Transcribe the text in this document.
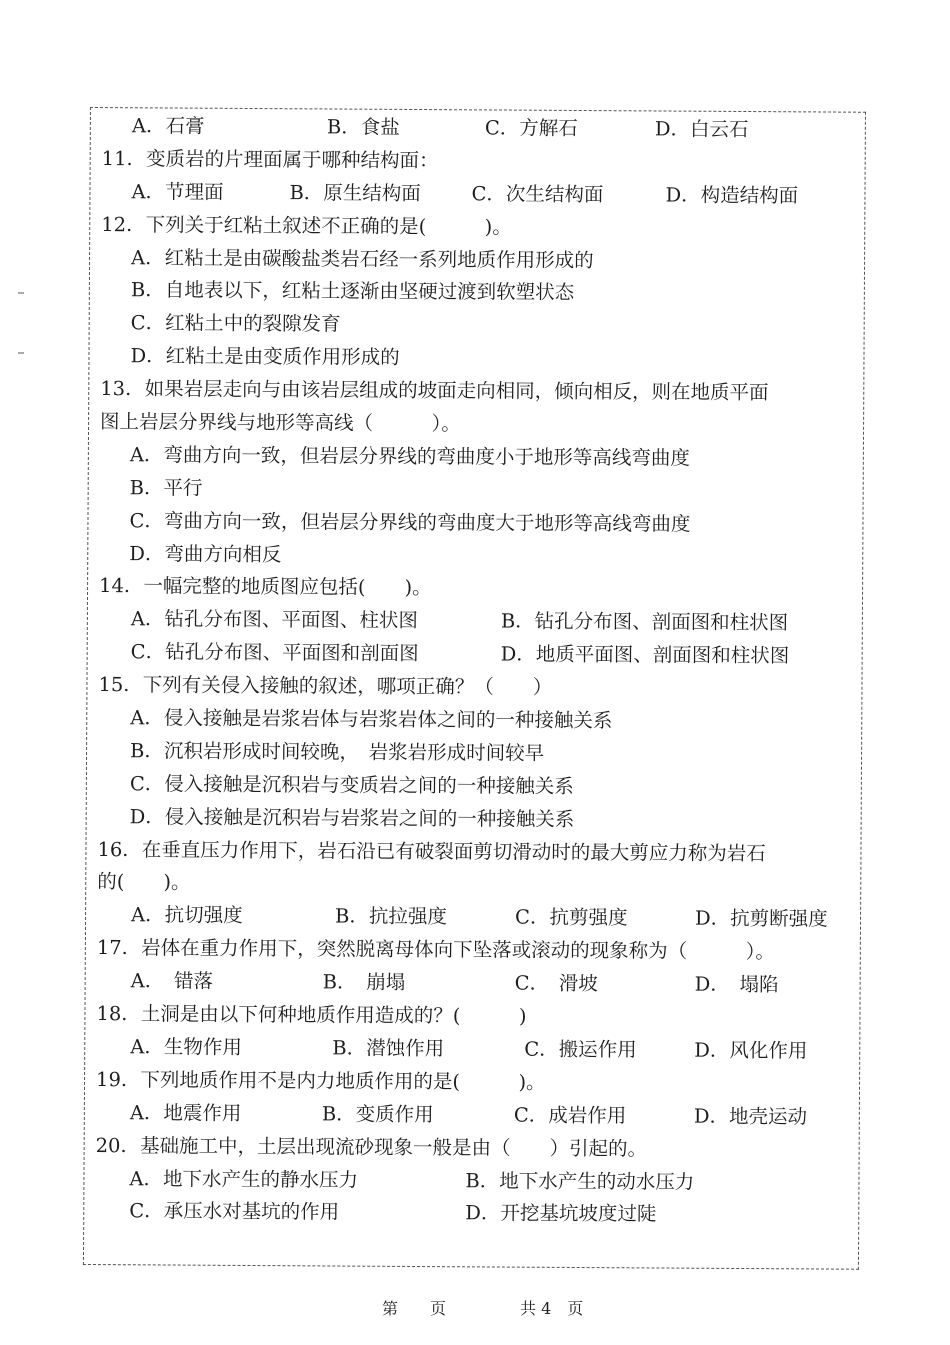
A．石膏	B．食盐	C．方解石	D．白云石
11．变质岩的片理面属于哪种结构面：
A．节理面	B．原生结构面	C．次生结构面	D．构造结构面
12．下列关于红粘土叙述不正确的是(　　　)。
A．红粘土是由碳酸盐类岩石经一系列地质作用形成的
B．自地表以下，红粘土逐渐由坚硬过渡到软塑状态
C．红粘土中的裂隙发育
D．红粘土是由变质作用形成的
13．如果岩层走向与由该岩层组成的坡面走向相同，倾向相反，则在地质平面
图上岩层分界线与地形等高线（　　　）。
A．弯曲方向一致，但岩层分界线的弯曲度小于地形等高线弯曲度
B．平行
C．弯曲方向一致，但岩层分界线的弯曲度大于地形等高线弯曲度
D．弯曲方向相反
14．一幅完整的地质图应包括(　　)。
A．钻孔分布图、平面图、柱状图	B．钻孔分布图、剖面图和柱状图
C．钻孔分布图、平面图和剖面图	D．地质平面图、剖面图和柱状图
15．下列有关侵入接触的叙述，哪项正确？（　　）
A．侵入接触是岩浆岩体与岩浆岩体之间的一种接触关系
B．沉积岩形成时间较晚，　岩浆岩形成时间较早
C．侵入接触是沉积岩与变质岩之间的一种接触关系
D．侵入接触是沉积岩与岩浆岩之间的一种接触关系
16．在垂直压力作用下，岩石沿已有破裂面剪切滑动时的最大剪应力称为岩石
的(　　)。
A．抗切强度	B．抗拉强度	C．抗剪强度	D．抗剪断强度
17．岩体在重力作用下，突然脱离母体向下坠落或滚动的现象称为（　　　）。
A．　错落	B．　崩塌	C．　滑坡	D．　塌陷
18．土洞是由以下何种地质作用造成的？(　　　)
A．生物作用	B．潜蚀作用	C．搬运作用	D．风化作用
19．下列地质作用不是内力地质作用的是(　　　)。
A．地震作用	B．变质作用	C．成岩作用	D．地壳运动
20．基础施工中，土层出现流砂现象一般是由（　　）引起的。
A．地下水产生的静水压力	B．地下水产生的动水压力
C．承压水对基坑的作用	D．开挖基坑坡度过陡
第　　页	共 4　页
